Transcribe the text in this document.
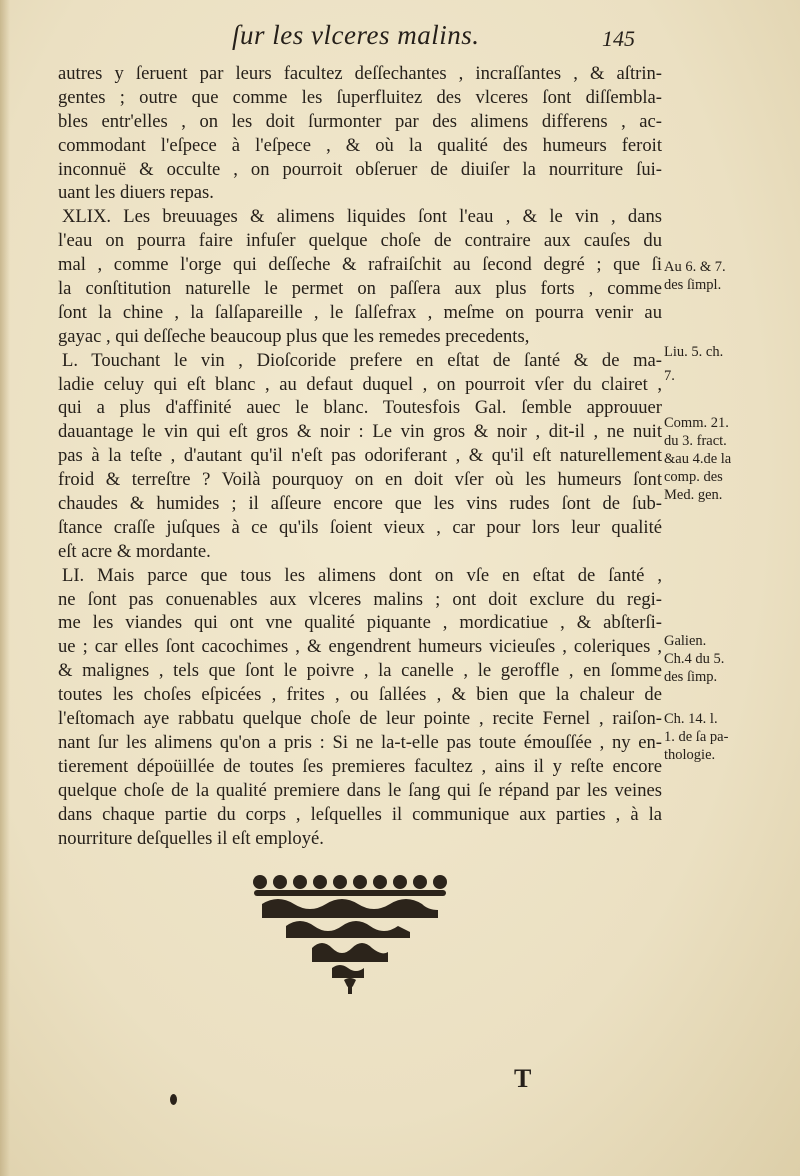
ſur les vlceres malins.	145
autres y ſeruent par leurs facultez deſſechantes , incraſſantes , & aſtrin-
gentes ; outre que comme les ſuperfluitez des vlceres ſont diſſembla-
bles entr'elles , on les doit ſurmonter par des alimens differens , ac-
commodant l'eſpece à l'eſpece , & où la qualité des humeurs feroit
inconnuë & occulte , on pourroit obſeruer de diuiſer la nourriture ſui-
uant les diuers repas.
XLIX. Les breuuages & alimens liquides ſont l'eau , & le vin , dans
l'eau on pourra faire infuſer quelque choſe de contraire aux cauſes du
mal , comme l'orge qui deſſeche & rafraiſchit au ſecond degré ; que ſi
la conſtitution naturelle le permet on paſſera aux plus forts , comme
ſont la chine , la ſalſapareille , le ſalſefrax , meſme on pourra venir au
gayac , qui deſſeche beaucoup plus que les remedes precedents,
L. Touchant le vin , Dioſcoride prefere en eſtat de ſanté & de ma-
ladie celuy qui eſt blanc , au defaut duquel , on pourroit vſer du clairet ,
qui a plus d'affinité auec le blanc. Toutesfois Gal. ſemble approuuer
dauantage le vin qui eſt gros & noir : Le vin gros & noir , dit-il , ne nuit
pas à la teſte , d'autant qu'il n'eſt pas odoriferant , & qu'il eſt naturellement
froid & terreſtre ? Voilà pourquoy on en doit vſer où les humeurs ſont
chaudes & humides ; il aſſeure encore que les vins rudes ſont de ſub-
ſtance craſſe juſques à ce qu'ils ſoient vieux , car pour lors leur qualité
eſt acre & mordante.
LI. Mais parce que tous les alimens dont on vſe en eſtat de ſanté ,
ne ſont pas conuenables aux vlceres malins ; ont doit exclure du regi-
me les viandes qui ont vne qualité piquante , mordicatiue , & abſterſi-
ue ; car elles ſont cacochimes , & engendrent humeurs vicieuſes , coleriques ,
& malignes , tels que ſont le poivre , la canelle , le geroffle , en ſomme
toutes les choſes eſpicées , frites , ou ſallées , & bien que la chaleur de
l'eſtomach aye rabbatu quelque choſe de leur pointe , recite Fernel , raiſon-
nant ſur les alimens qu'on a pris : Si ne la-t-elle pas toute émouſſée , ny en-
tierement dépoüillée de toutes ſes premieres facultez , ains il y reſte encore
quelque choſe de la qualité premiere dans le ſang qui ſe répand par les veines
dans chaque partie du corps , leſquelles il communique aux parties , à la
nourriture deſquelles il eſt employé.
Au 6. & 7.
des ſimpl.
Liu. 5. ch.
7.
Comm. 21.
du 3. fract.
&au 4.de la
comp. des
Med. gen.
Galien.
Ch.4 du 5.
des ſimp.
Ch. 14. l.
1. de ſa pa-
thologie.
T
